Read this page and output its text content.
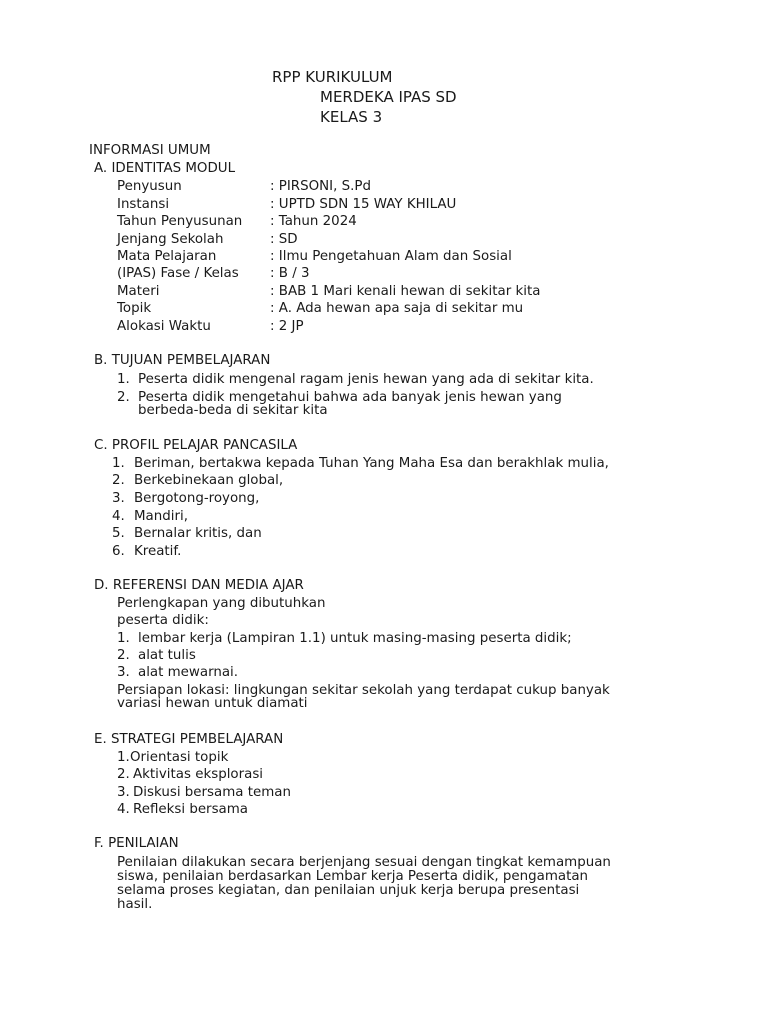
RPP KURIKULUM
MERDEKA IPAS SD
KELAS 3
INFORMASI UMUM
A. IDENTITAS MODUL
Penyusun	: PIRSONI, S.Pd
Instansi	: UPTD SDN 15 WAY KHILAU
Tahun Penyusunan : Tahun 2024
Jenjang Sekolah	: SD
Mata Pelajaran	: Ilmu Pengetahuan Alam dan Sosial
(IPAS) Fase / Kelas : B / 3
Materi	: BAB 1 Mari kenali hewan di sekitar kita
Topik	: A. Ada hewan apa saja di sekitar mu
Alokasi Waktu	: 2 JP
B. TUJUAN PEMBELAJARAN
1. Peserta didik mengenal ragam jenis hewan yang ada di sekitar kita.
2. Peserta didik mengetahui bahwa ada banyak jenis hewan yang
berbeda-beda di sekitar kita
C. PROFIL PELAJAR PANCASILA
1. Beriman, bertakwa kepada Tuhan Yang Maha Esa dan berakhlak mulia,
2. Berkebinekaan global,
3. Bergotong-royong,
4. Mandiri,
5. Bernalar kritis, dan
6. Kreatif.
D. REFERENSI DAN MEDIA AJAR
Perlengkapan yang dibutuhkan
peserta didik:
1. lembar kerja (Lampiran 1.1) untuk masing-masing peserta didik;
2. alat tulis
3. alat mewarnai.
Persiapan lokasi: lingkungan sekitar sekolah yang terdapat cukup banyak
variasi hewan untuk diamati
E. STRATEGI PEMBELAJARAN
1. Orientasi topik
2. Aktivitas eksplorasi
3. Diskusi bersama teman
4. Refleksi bersama
F. PENILAIAN
Penilaian dilakukan secara berjenjang sesuai dengan tingkat kemampuan
siswa, penilaian berdasarkan Lembar kerja Peserta didik, pengamatan
selama proses kegiatan, dan penilaian unjuk kerja berupa presentasi
hasil.
